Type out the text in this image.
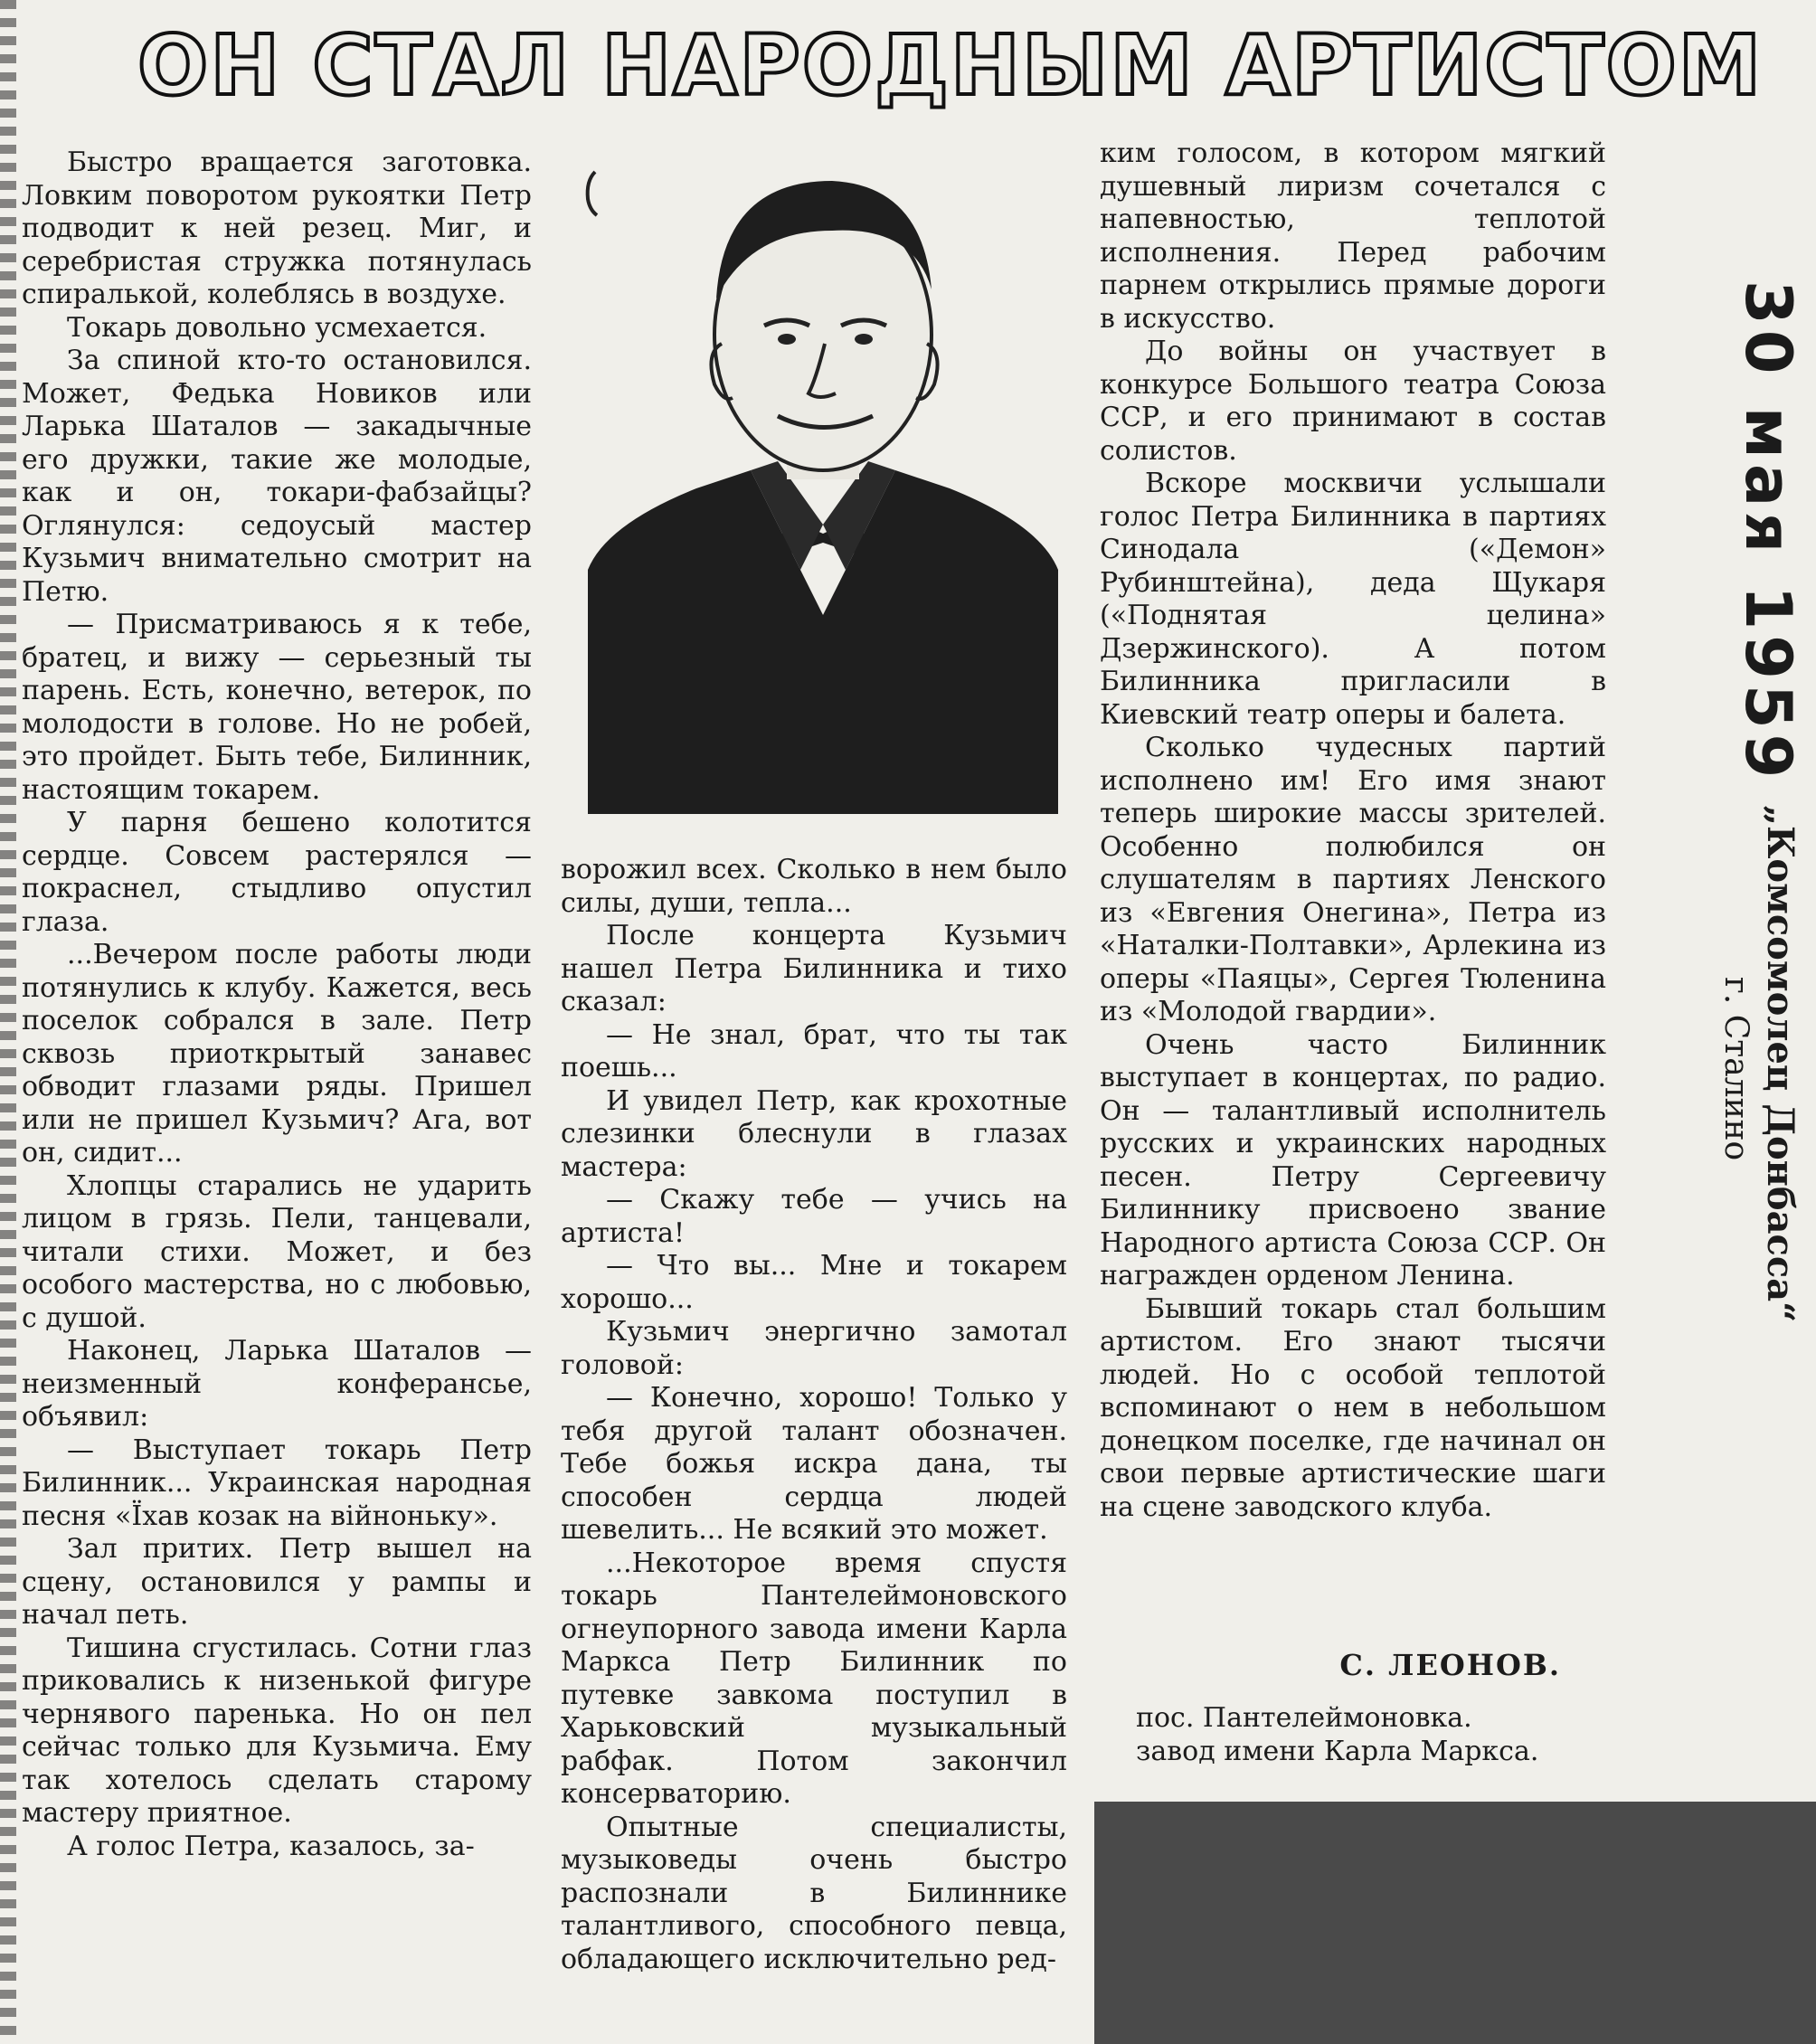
ОН СТАЛ НАРОДНЫМ АРТИСТОМ

Быстро вращается заготовка. Ловким поворотом рукоятки Петр подводит к ней резец. Миг, и серебристая стружка потянулась спиралькой, колеблясь в воздухе.

Токарь довольно усмехается.

За спиной кто-то остановился. Может, Федька Новиков или Ларька Шаталов — закадычные его дружки, такие же молодые, как и он, токари-фабзайцы? Оглянулся: седоусый мастер Кузьмич внимательно смотрит на Петю.

— Присматриваюсь я к тебе, братец, и вижу — серьезный ты парень. Есть, конечно, ветерок, по молодости в голове. Но не робей, это пройдет. Быть тебе, Билинник, настоящим токарем.

У парня бешено колотится сердце. Совсем растерялся — покраснел, стыдливо опустил глаза.

...Вечером после работы люди потянулись к клубу. Кажется, весь поселок собрался в зале. Петр сквозь приоткрытый занавес обводит глазами ряды. Пришел или не пришел Кузьмич? Ага, вот он, сидит...

Хлопцы старались не ударить лицом в грязь. Пели, танцевали, читали стихи. Может, и без особого мастерства, но с любовью, с душой.

Наконец, Ларька Шаталов — неизменный конферансье, объявил:

— Выступает токарь Петр Билинник... Украинская народная песня «Їхав козак на війноньку».

Зал притих. Петр вышел на сцену, остановился у рампы и начал петь.

Тишина сгустилась. Сотни глаз приковались к низенькой фигуре чернявого паренька. Но он пел сейчас только для Кузьмича. Ему так хотелось сделать старому мастеру приятное.

А голос Петра, казалось, за-

ворожил всех. Сколько в нем было силы, души, тепла...

После концерта Кузьмич нашел Петра Билинника и тихо сказал:

— Не знал, брат, что ты так поешь...

И увидел Петр, как крохотные слезинки блеснули в глазах мастера:

— Скажу тебе — учись на артиста!

— Что вы... Мне и токарем хорошо...

Кузьмич энергично замотал головой:

— Конечно, хорошо! Только у тебя другой талант обозначен. Тебе божья искра дана, ты способен сердца людей шевелить... Не всякий это может.

...Некоторое время спустя токарь Пантелеймоновского огнеупорного завода имени Карла Маркса Петр Билинник по путевке завкома поступил в Харьковский музыкальный рабфак. Потом закончил консерваторию.

Опытные специалисты, музыковеды очень быстро распознали в Билиннике талантливого, способного певца, обладающего исключительно ред-

ким голосом, в котором мягкий душевный лиризм сочетался с напевностью, теплотой исполнения. Перед рабочим парнем открылись прямые дороги в искусство.

До войны он участвует в конкурсе Большого театра Союза ССР, и его принимают в состав солистов.

Вскоре москвичи услышали голос Петра Билинника в партиях Синодала («Демон» Рубинштейна), деда Щукаря («Поднятая целина» Дзержинского). А потом Билинника пригласили в Киевский театр оперы и балета.

Сколько чудесных партий исполнено им! Его имя знают теперь широкие массы зрителей. Особенно полюбился он слушателям в партиях Ленского из «Евгения Онегина», Петра из «Наталки-Полтавки», Арлекина из оперы «Паяцы», Сергея Тюленина из «Молодой гвардии».

Очень часто Билинник выступает в концертах, по радио. Он — талантливый исполнитель русских и украинских народных песен. Петру Сергеевичу Билиннику присвоено звание Народного артиста Союза ССР. Он награжден орденом Ленина.

Бывший токарь стал большим артистом. Его знают тысячи людей. Но с особой теплотой вспоминают о нем в небольшом донецком поселке, где начинал он свои первые артистические шаги на сцене заводского клуба.

С. ЛЕОНОВ.
пос. Пантелеймоновка.
завод имени Карла Маркса.
30 мая 1959
„Комсомолец Донбасса“
г. Сталино
